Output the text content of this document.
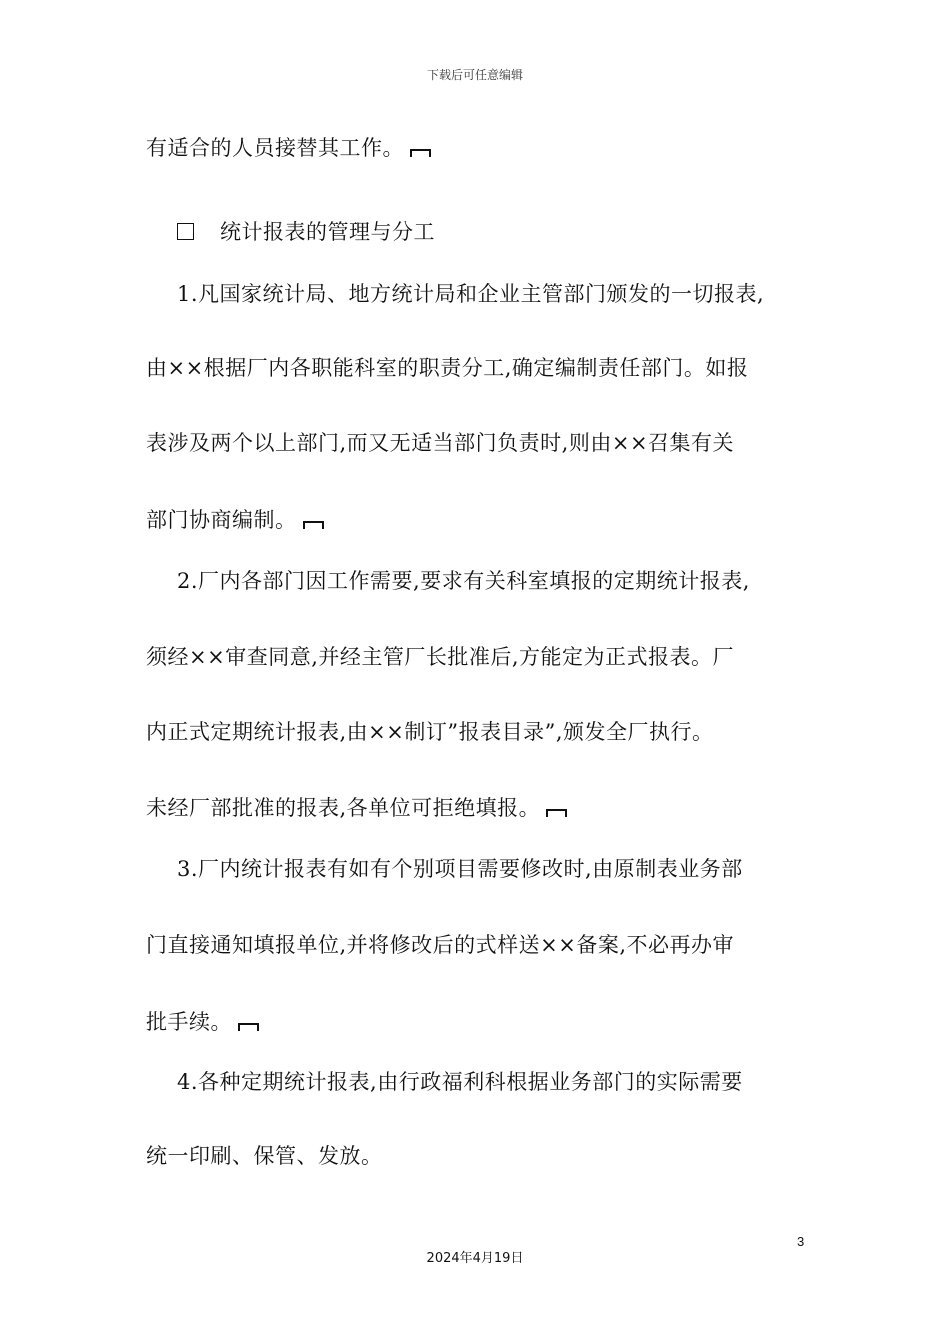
下载后可任意编辑
有适合的人员接替其工作。
统计报表的管理与分工
1.凡国家统计局、地方统计局和企业主管部门颁发的一切报表,
由××根据厂内各职能科室的职责分工,确定编制责任部门。如报
表涉及两个以上部门,而又无适当部门负责时,则由××召集有关
部门协商编制。
2.厂内各部门因工作需要,要求有关科室填报的定期统计报表,
须经××审查同意,并经主管厂长批准后,方能定为正式报表。厂
内正式定期统计报表,由××制订”报表目录”,颁发全厂执行。
未经厂部批准的报表,各单位可拒绝填报。
3.厂内统计报表有如有个别项目需要修改时,由原制表业务部
门直接通知填报单位,并将修改后的式样送××备案,不必再办审
批手续。
4.各种定期统计报表,由行政福利科根据业务部门的实际需要
统一印刷、保管、发放。
3
2024年4月19日
